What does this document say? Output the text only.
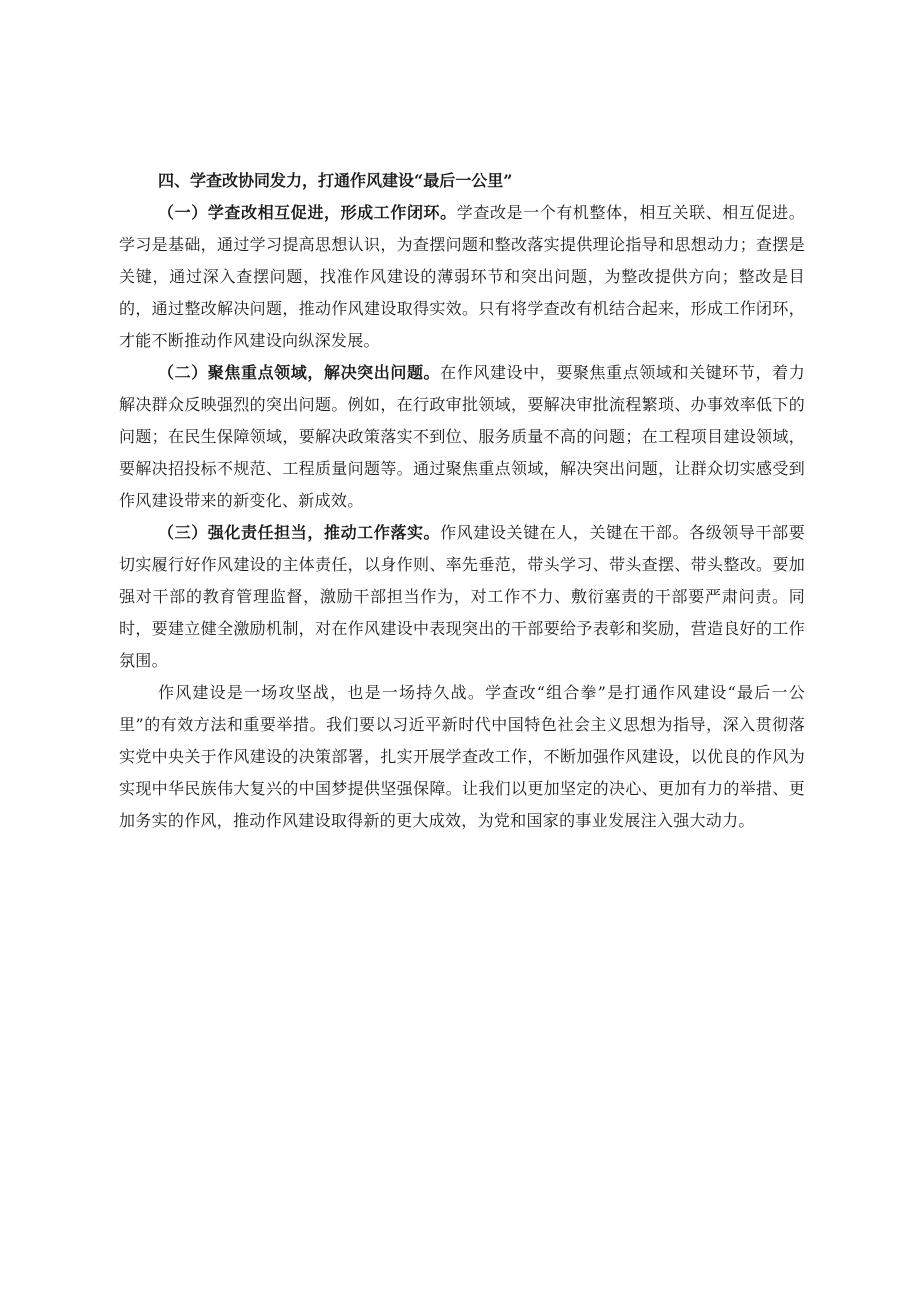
四、学查改协同发力，打通作风建设“最后一公里”

（一）学查改相互促进，形成工作闭环。学查改是一个有机整体，相互关联、相互促进。学习是基础，通过学习提高思想认识，为查摆问题和整改落实提供理论指导和思想动力；查摆是关键，通过深入查摆问题，找准作风建设的薄弱环节和突出问题，为整改提供方向；整改是目的，通过整改解决问题，推动作风建设取得实效。只有将学查改有机结合起来，形成工作闭环，才能不断推动作风建设向纵深发展。

（二）聚焦重点领域，解决突出问题。在作风建设中，要聚焦重点领域和关键环节，着力解决群众反映强烈的突出问题。例如，在行政审批领域，要解决审批流程繁琐、办事效率低下的问题；在民生保障领域，要解决政策落实不到位、服务质量不高的问题；在工程项目建设领域，要解决招投标不规范、工程质量问题等。通过聚焦重点领域，解决突出问题，让群众切实感受到作风建设带来的新变化、新成效。

（三）强化责任担当，推动工作落实。作风建设关键在人，关键在干部。各级领导干部要切实履行好作风建设的主体责任，以身作则、率先垂范，带头学习、带头查摆、带头整改。要加强对干部的教育管理监督，激励干部担当作为，对工作不力、敷衍塞责的干部要严肃问责。同时，要建立健全激励机制，对在作风建设中表现突出的干部要给予表彰和奖励，营造良好的工作氛围。

作风建设是一场攻坚战，也是一场持久战。学查改“组合拳”是打通作风建设“最后一公里”的有效方法和重要举措。我们要以习近平新时代中国特色社会主义思想为指导，深入贯彻落实党中央关于作风建设的决策部署，扎实开展学查改工作，不断加强作风建设，以优良的作风为实现中华民族伟大复兴的中国梦提供坚强保障。让我们以更加坚定的决心、更加有力的举措、更加务实的作风，推动作风建设取得新的更大成效，为党和国家的事业发展注入强大动力。
